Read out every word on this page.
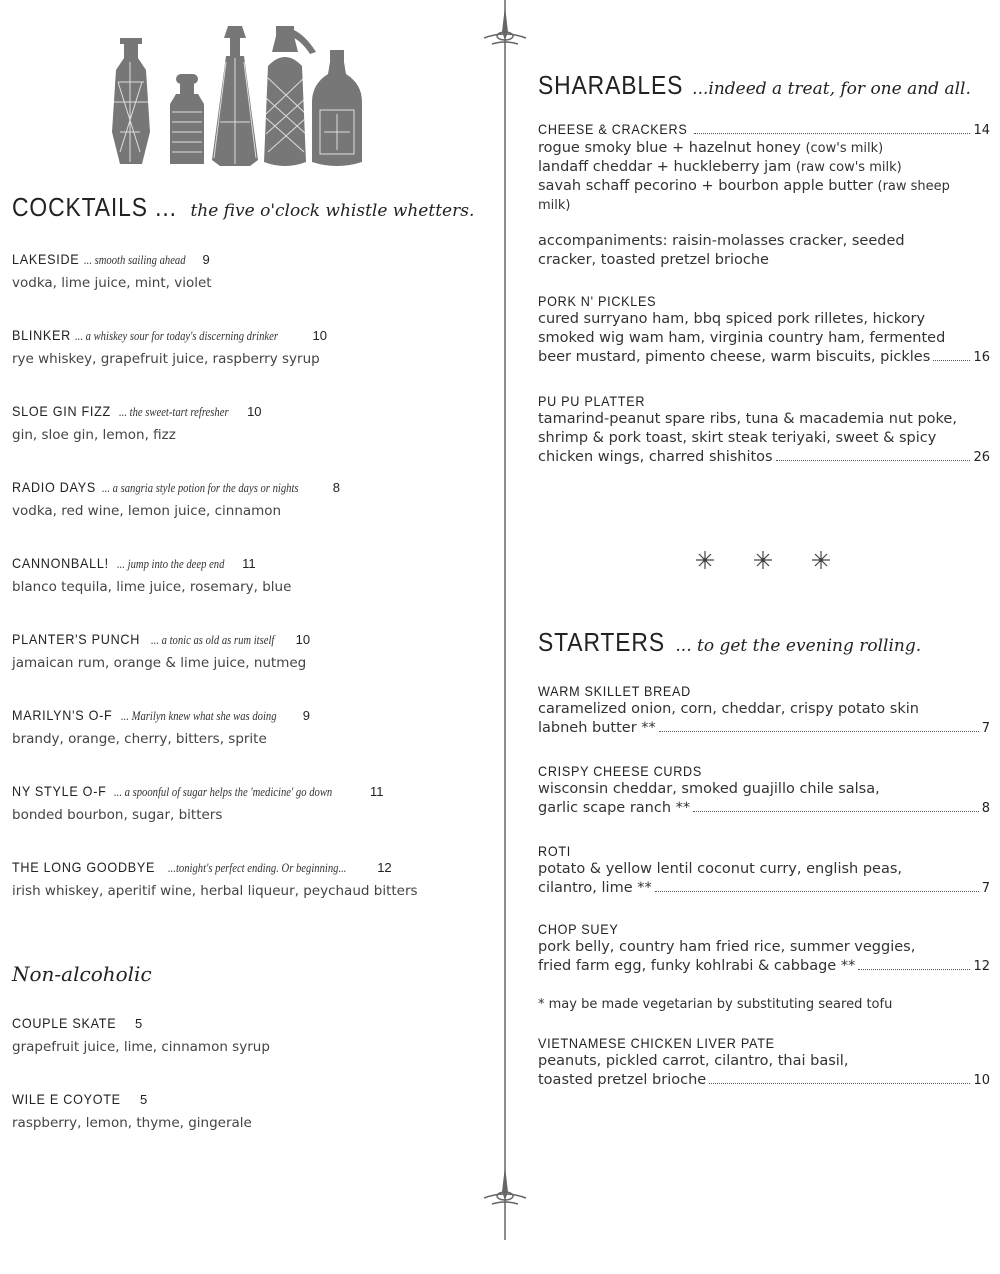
COCKTAILS ... the five o'clock whistle whetters.
LAKESIDE ... smooth sailing ahead 9
vodka, lime juice, mint, violet
BLINKER ... a whiskey sour for today's discerning drinker	10
rye whiskey, grapefruit juice, raspberry syrup
SLOE GIN FIZZ ... the sweet-tart refresher 10
gin, sloe gin, lemon, fizz
RADIO DAYS ... a sangria style potion for the days or nights	8
vodka, red wine, lemon juice, cinnamon
CANNONBALL! ... jump into the deep end 11
blanco tequila, lime juice, rosemary, blue
PLANTER'S PUNCH ... a tonic as old as rum itself 10
jamaican rum, orange & lime juice, nutmeg
MARILYN'S O-F ... Marilyn knew what she was doing 9
brandy, orange, cherry, bitters, sprite
NY STYLE O-F ... a spoonful of sugar helps the 'medicine' go down	11
bonded bourbon, sugar, bitters
THE LONG GOODBYE ...tonight's perfect ending. Or beginning... 12
irish whiskey, aperitif wine, herbal liqueur, peychaud bitters
Non-alcoholic
COUPLE SKATE 5
grapefruit juice, lime, cinnamon syrup
WILE E COYOTE 5
raspberry, lemon, thyme, gingerale
SHARABLES ...indeed a treat, for one and all.
CHEESE & CRACKERS	14
rogue smoky blue + hazelnut honey (cow's milk)
landaff cheddar + huckleberry jam (raw cow's milk)
savah schaff pecorino + bourbon apple butter (raw sheep
milk)
accompaniments: raisin-molasses cracker, seeded
cracker, toasted pretzel brioche
PORK N' PICKLES
cured surryano ham, bbq spiced pork rilletes, hickory
smoked wig wam ham, virginia country ham, fermented
beer mustard, pimento cheese, warm biscuits, pickles	16
PU PU PLATTER
tamarind-peanut spare ribs, tuna & macademia nut poke,
shrimp & pork toast, skirt steak teriyaki, sweet & spicy
chicken wings, charred shishitos	26
STARTERS ... to get the evening rolling.
WARM SKILLET BREAD
caramelized onion, corn, cheddar, crispy potato skin
labneh butter **	7
CRISPY CHEESE CURDS
wisconsin cheddar, smoked guajillo chile salsa,
garlic scape ranch **	8
ROTI
potato & yellow lentil coconut curry, english peas,
cilantro, lime **	7
CHOP SUEY
pork belly, country ham fried rice, summer veggies,
fried farm egg, funky kohlrabi & cabbage **	12
* may be made vegetarian by substituting seared tofu
VIETNAMESE CHICKEN LIVER PATE
peanuts, pickled carrot, cilantro, thai basil,
toasted pretzel brioche	10
